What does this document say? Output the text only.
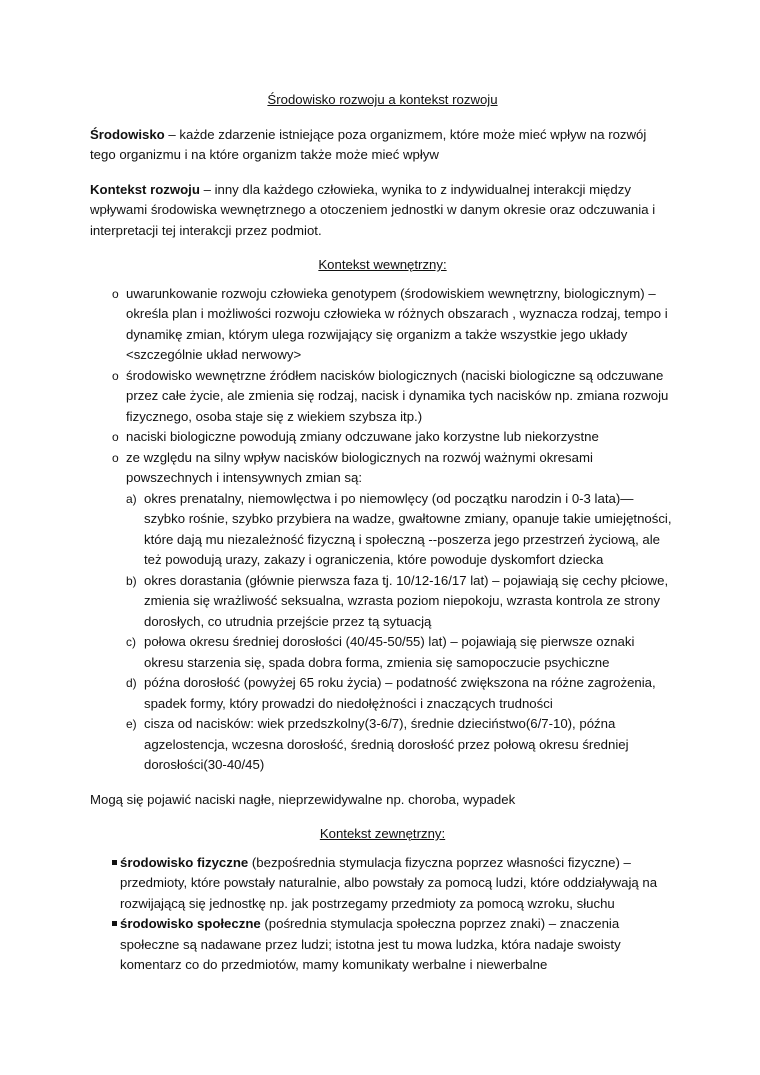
Środowisko rozwoju a kontekst rozwoju

Środowisko – każde zdarzenie istniejące poza organizmem, które może mieć wpływ na rozwój tego organizmu i na które organizm także może mieć wpływ

Kontekst rozwoju – inny dla każdego człowieka, wynika to z indywidualnej interakcji między wpływami środowiska wewnętrznego a otoczeniem jednostki w danym okresie oraz odczuwania i interpretacji tej interakcji przez podmiot.

Kontekst wewnętrzny:
o uwarunkowanie rozwoju człowieka genotypem (środowiskiem wewnętrzny, biologicznym) – określa plan i możliwości rozwoju człowieka w różnych obszarach , wyznacza rodzaj, tempo i dynamikę zmian, którym ulega rozwijający się organizm a także wszystkie jego układy <szczególnie układ nerwowy>
o środowisko wewnętrzne źródłem nacisków biologicznych (naciski biologiczne są odczuwane przez całe życie, ale zmienia się rodzaj, nacisk i dynamika tych nacisków np. zmiana rozwoju fizycznego, osoba staje się z wiekiem szybsza itp.)
o naciski biologiczne powodują zmiany odczuwane jako korzystne lub niekorzystne
o ze względu na silny wpływ nacisków biologicznych na rozwój ważnymi okresami powszechnych i intensywnych zmian są:
a) okres prenatalny, niemowlęctwa i po niemowlęcy (od początku narodzin i 0-3 lata)— szybko rośnie, szybko przybiera na wadze, gwałtowne zmiany, opanuje takie umiejętności, które dają mu niezależność fizyczną i społeczną --poszerza jego przestrzeń życiową, ale też powodują urazy, zakazy i ograniczenia, które powoduje dyskomfort dziecka
b) okres dorastania (głównie pierwsza faza tj. 10/12-16/17 lat) – pojawiają się cechy płciowe, zmienia się wrażliwość seksualna, wzrasta poziom niepokoju, wzrasta kontrola ze strony dorosłych, co utrudnia przejście przez tą sytuacją
c) połowa okresu średniej dorosłości (40/45-50/55) lat) – pojawiają się pierwsze oznaki okresu starzenia się, spada dobra forma, zmienia się samopoczucie psychiczne
d) późna dorosłość (powyżej 65 roku życia) – podatność zwiększona na różne zagrożenia, spadek formy, który prowadzi do niedołężności i znaczących trudności
e) cisza od nacisków: wiek przedszkolny(3-6/7), średnie dzieciństwo(6/7-10), późna agzelostencja, wczesna dorosłość, średnią dorosłość przez połową okresu średniej dorosłości(30-40/45)

Mogą się pojawić naciski nagłe, nieprzewidywalne np. choroba, wypadek

Kontekst zewnętrzny:
środowisko fizyczne (bezpośrednia stymulacja fizyczna poprzez własności fizyczne) – przedmioty, które powstały naturalnie, albo powstały za pomocą ludzi, które oddziaływają na rozwijającą się jednostkę np. jak postrzegamy przedmioty za pomocą wzroku, słuchu
środowisko społeczne (pośrednia stymulacja społeczna poprzez znaki) – znaczenia społeczne są nadawane przez ludzi; istotna jest tu mowa ludzka, która nadaje swoisty komentarz co do przedmiotów, mamy komunikaty werbalne i niewerbalne
